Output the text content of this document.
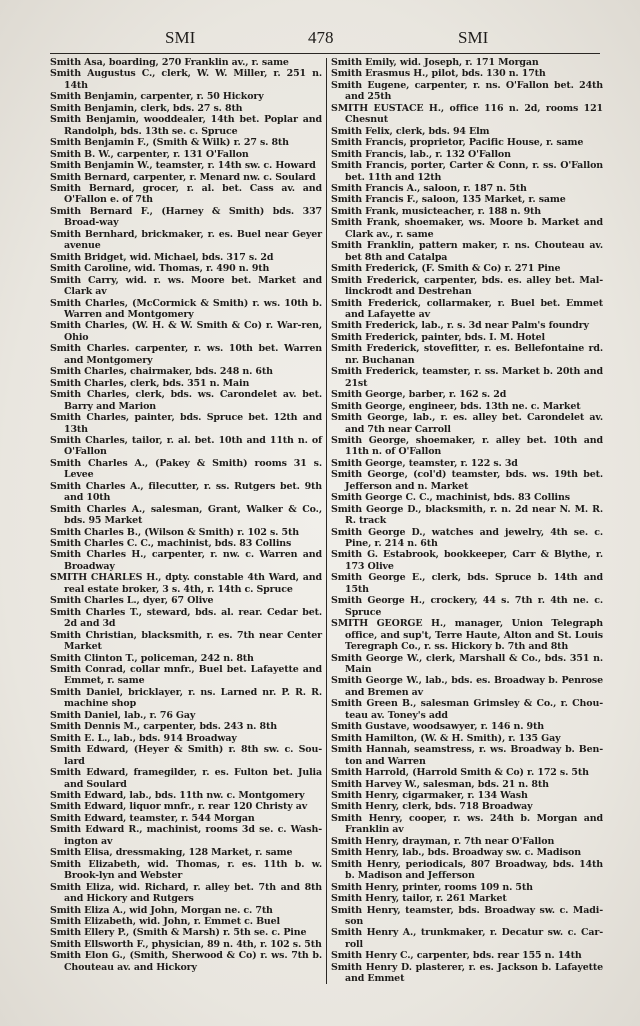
SMI	478	SMI
Smith Asa, boarding, 270 Franklin av., r. same
Smith Augustus C., clerk, W. W. Miller, r. 251 n. 14th
Smith Benjamin, carpenter, r. 50 Hickory
Smith Benjamin, clerk, bds. 27 s. 8th
Smith Benjamin, wooddealer, 14th bet. Poplar and Randolph, bds. 13th se. c. Spruce
Smith Benjamin F., (Smith & Wilk) r. 27 s. 8th
Smith B. W., carpenter, r. 131 O'Fallon
Smith Benjamin W., teamster, r. 14th sw. c. Howard
Smith Bernard, carpenter, r. Menard nw. c. Soulard
Smith Bernard, grocer, r. al. bet. Cass av. and O'Fallon e. of 7th
Smith Bernard F., (Harney & Smith) bds. 337 Broad-way
Smith Bernhard, brickmaker, r. es. Buel near Geyer avenue
Smith Bridget, wid. Michael, bds. 317 s. 2d
Smith Caroline, wid. Thomas, r. 490 n. 9th
Smith Carry, wid. r. ws. Moore bet. Market and Clark av
Smith Charles, (McCormick & Smith) r. ws. 10th b. Warren and Montgomery
Smith Charles, (W. H. & W. Smith & Co) r. War-ren, Ohio
Smith Charles. carpenter, r. ws. 10th bet. Warren and Montgomery
Smith Charles, chairmaker, bds. 248 n. 6th
Smith Charles, clerk, bds. 351 n. Main
Smith Charles, clerk, bds. ws. Carondelet av. bet. Barry and Marion
Smith Charles, painter, bds. Spruce bet. 12th and 13th
Smith Charles, tailor, r. al. bet. 10th and 11th n. of O'Fallon
Smith Charles A., (Pakey & Smith) rooms 31 s. Levee
Smith Charles A., filecutter, r. ss. Rutgers bet. 9th and 10th
Smith Charles A., salesman, Grant, Walker & Co., bds. 95 Market
Smith Charles B., (Wilson & Smith) r. 102 s. 5th
Smith Charles C. C., machinist, bds. 83 Collins
Smith Charles H., carpenter, r. nw. c. Warren and Broadway
SMITH CHARLES H., dpty. constable 4th Ward, and real estate broker, 3 s. 4th, r. 14th c. Spruce
Smith Charles L., dyer, 67 Olive
Smith Charles T., steward, bds. al. rear. Cedar bet. 2d and 3d
Smith Christian, blacksmith, r. es. 7th near Center Market
Smith Clinton T., policeman, 242 n. 8th
Smith Conrad, collar mnfr., Buel bet. Lafayette and Emmet, r. same
Smith Daniel, bricklayer, r. ns. Larned nr. P. R. R. machine shop
Smith Daniel, lab., r. 76 Gay
Smith Dennis M., carpenter, bds. 243 n. 8th
Smith E. L., lab., bds. 914 Broadway
Smith Edward, (Heyer & Smith) r. 8th sw. c. Sou-lard
Smith Edward, framegilder, r. es. Fulton bet. Julia and Soulard
Smith Edward, lab., bds. 11th nw. c. Montgomery
Smith Edward, liquor mnfr., r. rear 120 Christy av
Smith Edward, teamster, r. 544 Morgan
Smith Edward R., machinist, rooms 3d se. c. Wash-ington av
Smith Elisa, dressmaking, 128 Market, r. same
Smith Elizabeth, wid. Thomas, r. es. 11th b. w. Brook-lyn and Webster
Smith Eliza, wid. Richard, r. alley bet. 7th and 8th and Hickory and Rutgers
Smith Eliza A., wid John, Morgan ne. c. 7th
Smith Elizabeth, wid. John, r. Emmet c. Buel
Smith Ellery P., (Smith & Marsh) r. 5th se. c. Pine
Smith Ellsworth F., physician, 89 n. 4th, r. 102 s. 5th
Smith Elon G., (Smith, Sherwood & Co) r. ws. 7th b. Chouteau av. and Hickory
Smith Emily, wid. Joseph, r. 171 Morgan
Smith Erasmus H., pilot, bds. 130 n. 17th
Smith Eugene, carpenter, r. ns. O'Fallon bet. 24th and 25th
SMITH EUSTACE H., office 116 n. 2d, rooms 121 Chesnut
Smith Felix, clerk, bds. 94 Elm
Smith Francis, proprietor, Pacific House, r. same
Smith Francis, lab., r. 132 O'Fallon
Smith Francis, porter, Carter & Conn, r. ss. O'Fallon bet. 11th and 12th
Smith Francis A., saloon, r. 187 n. 5th
Smith Francis F., saloon, 135 Market, r. same
Smith Frank, musicteacher, r. 188 n. 9th
Smith Frank, shoemaker, ws. Moore b. Market and Clark av., r. same
Smith Franklin, pattern maker, r. ns. Chouteau av. bet 8th and Catalpa
Smith Frederick, (F. Smith & Co) r. 271 Pine
Smith Frederick, carpenter, bds. es. alley bet. Mal-linckrodt and Destrehan
Smith Frederick, collarmaker, r. Buel bet. Emmet and Lafayette av
Smith Frederick, lab., r. s. 3d near Palm's foundry
Smith Frederick, painter, bds. I. M. Hotel
Smith Frederick, stovefitter, r. es. Bellefontaine rd. nr. Buchanan
Smith Frederick, teamster, r. ss. Market b. 20th and 21st
Smith George, barber, r. 162 s. 2d
Smith George, engineer, bds. 13th ne. c. Market
Smith George, lab., r. es. alley bet. Carondelet av. and 7th near Carroll
Smith George, shoemaker, r. alley bet. 10th and 11th n. of O'Fallon
Smith George, teamster, r. 122 s. 3d
Smith George, (col'd) teamster, bds. ws. 19th bet. Jefferson and n. Market
Smith George C. C., machinist, bds. 83 Collins
Smith George D., blacksmith, r. n. 2d near N. M. R. R. track
Smith George D., watches and jewelry, 4th se. c. Pine, r. 214 n. 6th
Smith G. Estabrook, bookkeeper, Carr & Blythe, r. 173 Olive
Smith George E., clerk, bds. Spruce b. 14th and 15th
Smith George H., crockery, 44 s. 7th r. 4th ne. c. Spruce
SMITH GEORGE H., manager, Union Telegraph office, and sup't, Terre Haute, Alton and St. Louis Teregraph Co., r. ss. Hickory b. 7th and 8th
Smith George W., clerk, Marshall & Co., bds. 351 n. Main
Smith George W., lab., bds. es. Broadway b. Penrose and Bremen av
Smith Green B., salesman Grimsley & Co., r. Chou-teau av. Toney's add
Smith Gustave, woodsawyer, r. 146 n. 9th
Smith Hamilton, (W. & H. Smith), r. 135 Gay
Smith Hannah, seamstress, r. ws. Broadway b. Ben-ton and Warren
Smith Harrold, (Harrold Smith & Co) r. 172 s. 5th
Smith Harvey W., salesman, bds. 21 n. 8th
Smith Henry, cigarmaker, r. 134 Wash
Smith Henry, clerk, bds. 718 Broadway
Smith Henry, cooper, r. ws. 24th b. Morgan and Franklin av
Smith Henry, drayman, r. 7th near O'Fallon
Smith Henry, lab., bds. Broadway sw. c. Madison
Smith Henry, periodicals, 807 Broadway, bds. 14th b. Madison and Jefferson
Smith Henry, printer, rooms 109 n. 5th
Smith Henry, tailor, r. 261 Market
Smith Henry, teamster, bds. Broadway sw. c. Madi-son
Smith Henry A., trunkmaker, r. Decatur sw. c. Car-roll
Smith Henry C., carpenter, bds. rear 155 n. 14th
Smith Henry D. plasterer, r. es. Jackson b. Lafayette and Emmet
